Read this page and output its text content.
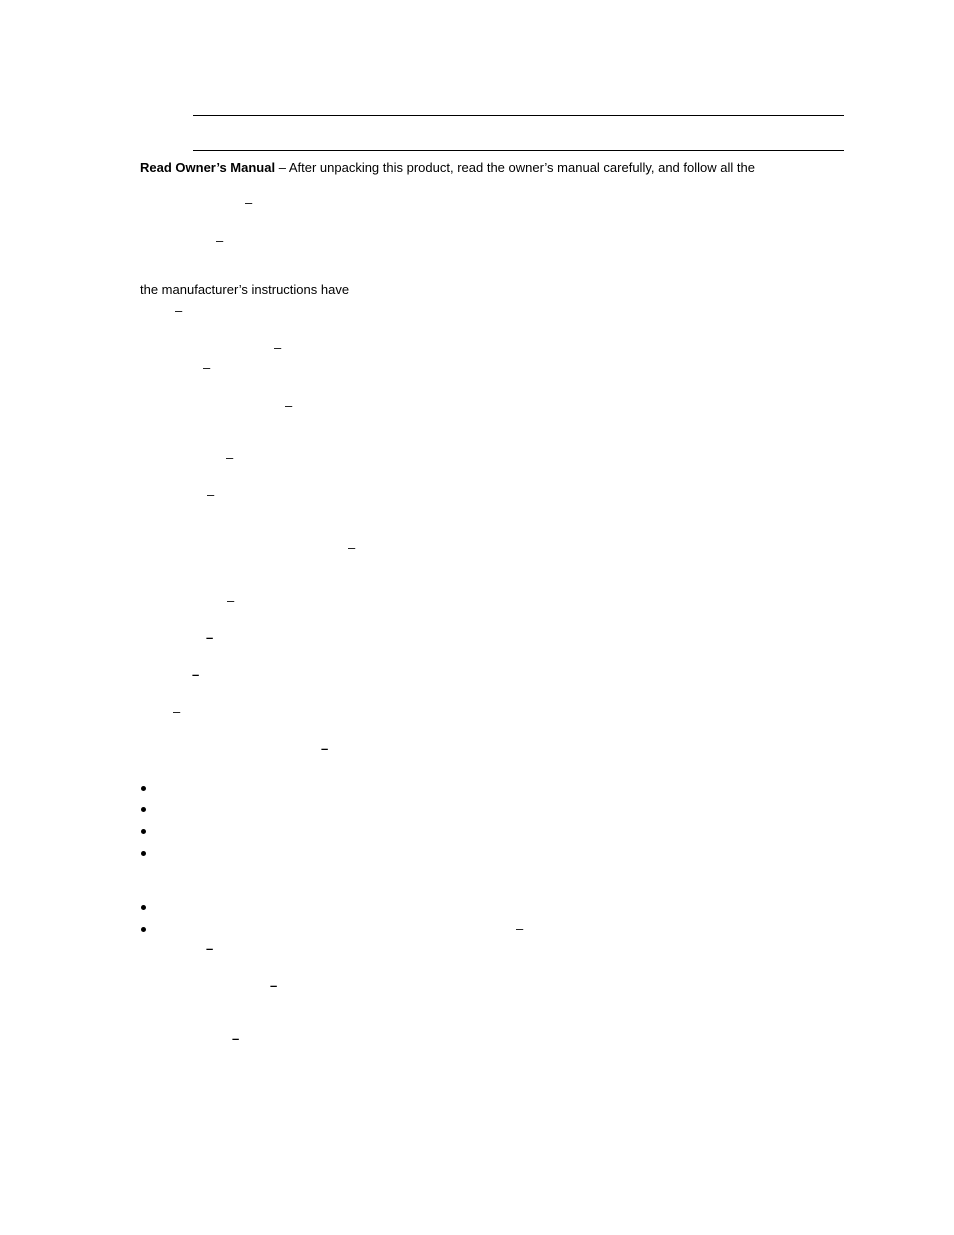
Read Owner’s Manual – After unpacking this product, read the owner’s manual carefully, and follow all the
–
–
the manufacturer’s instructions have
–
–
–
–
–
–
–
–
–
–
–
–
–
–
–
–
